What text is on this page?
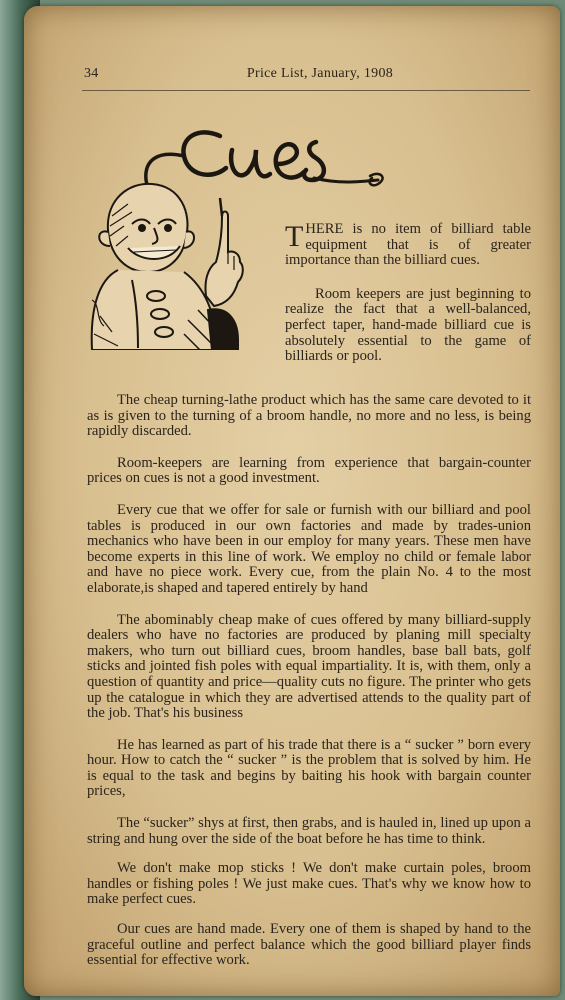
34	Price List, January, 1908

THERE is no item of billiard table equipment that is of greater importance than the billiard cues.

Room keepers are just beginning to realize the fact that a well-balanced, perfect taper, hand-made billiard cue is absolutely essential to the game of billiards or pool.

The cheap turning-lathe product which has the same care devoted to it as is given to the turning of a broom handle, no more and no less, is being rapidly discarded.

Room-keepers are learning from experience that bargain-counter prices on cues is not a good investment.

Every cue that we offer for sale or furnish with our billiard and pool tables is produced in our own factories and made by trades-union mechanics who have been in our employ for many years. These men have become experts in this line of work. We employ no child or female labor and have no piece work. Every cue, from the plain No. 4 to the most elaborate,is shaped and tapered entirely by hand

The abominably cheap make of cues offered by many billiard-supply dealers who have no factories are produced by planing mill specialty makers, who turn out billiard cues, broom handles, base ball bats, golf sticks and jointed fish poles with equal impartiality. It is, with them, only a question of quantity and price—quality cuts no figure. The printer who gets up the catalogue in which they are advertised attends to the quality part of the job. That's his business

He has learned as part of his trade that there is a “ sucker ” born every hour. How to catch the “ sucker ” is the problem that is solved by him. He is equal to the task and begins by baiting his hook with bargain counter prices,

The “sucker” shys at first, then grabs, and is hauled in, lined up upon a string and hung over the side of the boat before he has time to think.

We don't make mop sticks ! We don't make curtain poles, broom handles or fishing poles ! We just make cues. That's why we know how to make perfect cues.

Our cues are hand made. Every one of them is shaped by hand to the graceful outline and perfect balance which the good billiard player finds essential for effective work.
